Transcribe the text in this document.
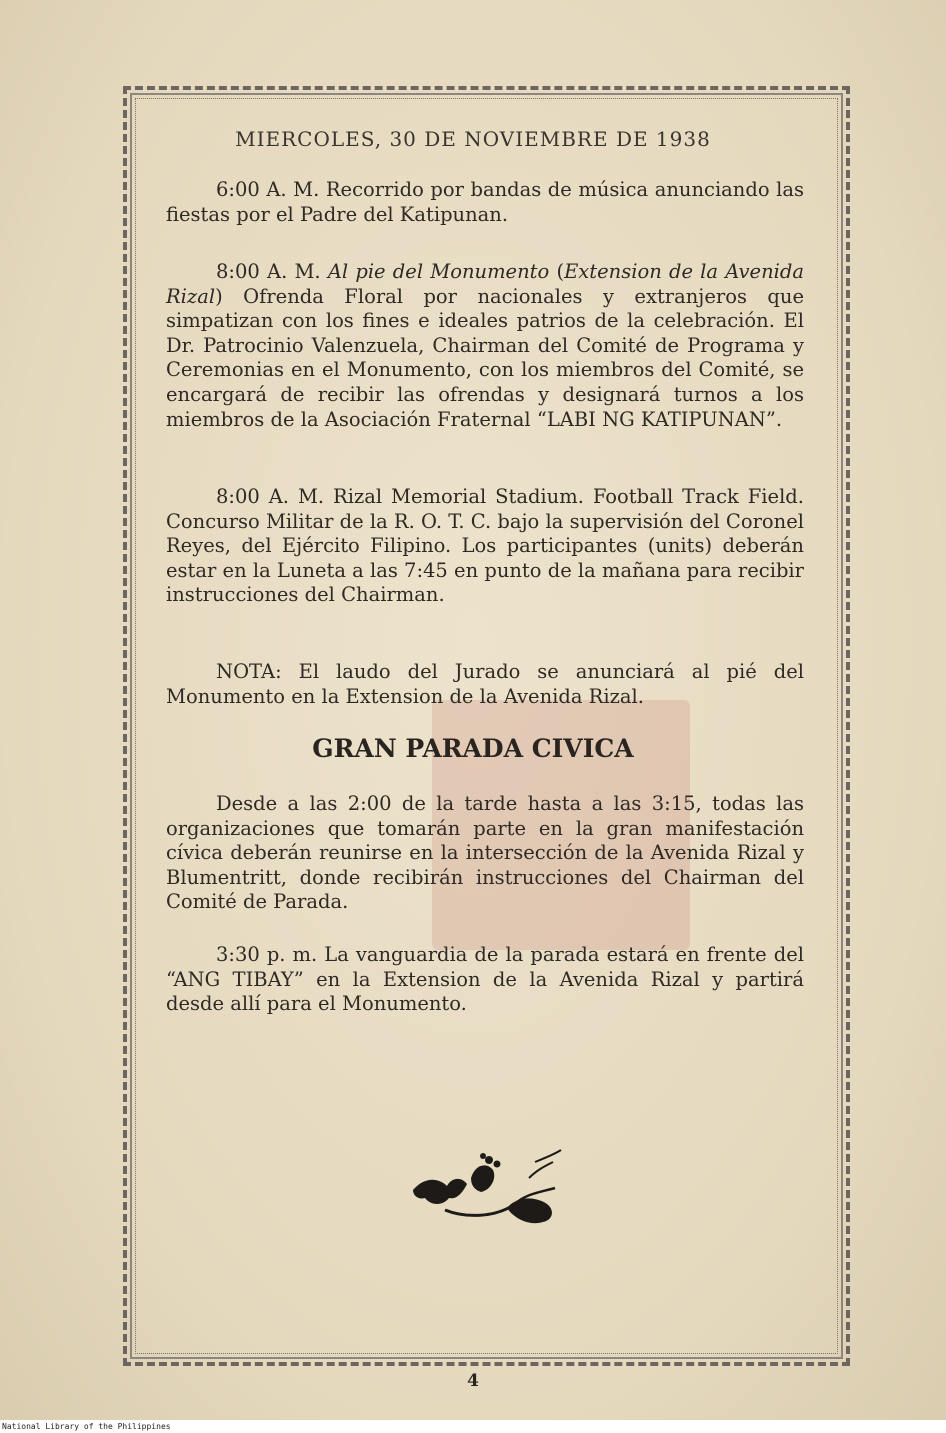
MIERCOLES, 30 DE NOVIEMBRE DE 1938

6:00 A. M. Recorrido por bandas de música anunciando las fiestas por el Padre del Katipunan.

8:00 A. M. Al pie del Monumento (Extension de la Avenida Rizal) Ofrenda Floral por nacionales y extranjeros que simpatizan con los fines e ideales patrios de la celebración. El Dr. Patrocinio Valenzuela, Chairman del Comité de Programa y Ceremonias en el Monumento, con los miembros del Comité, se encargará de recibir las ofrendas y designará turnos a los miembros de la Asociación Fraternal “LABI NG KATIPUNAN”.

8:00 A. M. Rizal Memorial Stadium. Football Track Field. Concurso Militar de la R. O. T. C. bajo la supervisión del Coronel Reyes, del Ejército Filipino. Los participantes (units) deberán estar en la Luneta a las 7:45 en punto de la mañana para recibir instrucciones del Chairman.

NOTA: El laudo del Jurado se anunciará al pié del Monumento en la Extension de la Avenida Rizal.

GRAN PARADA CIVICA

Desde a las 2:00 de la tarde hasta a las 3:15, todas las organizaciones que tomarán parte en la gran manifestación cívica deberán reunirse en la intersección de la Avenida Rizal y Blumentritt, donde recibirán instrucciones del Chairman del Comité de Parada.

3:30 p. m. La vanguardia de la parada estará en frente del “ANG TIBAY” en la Extension de la Avenida Rizal y partirá desde allí para el Monumento.

4
National Library of the Philippines
